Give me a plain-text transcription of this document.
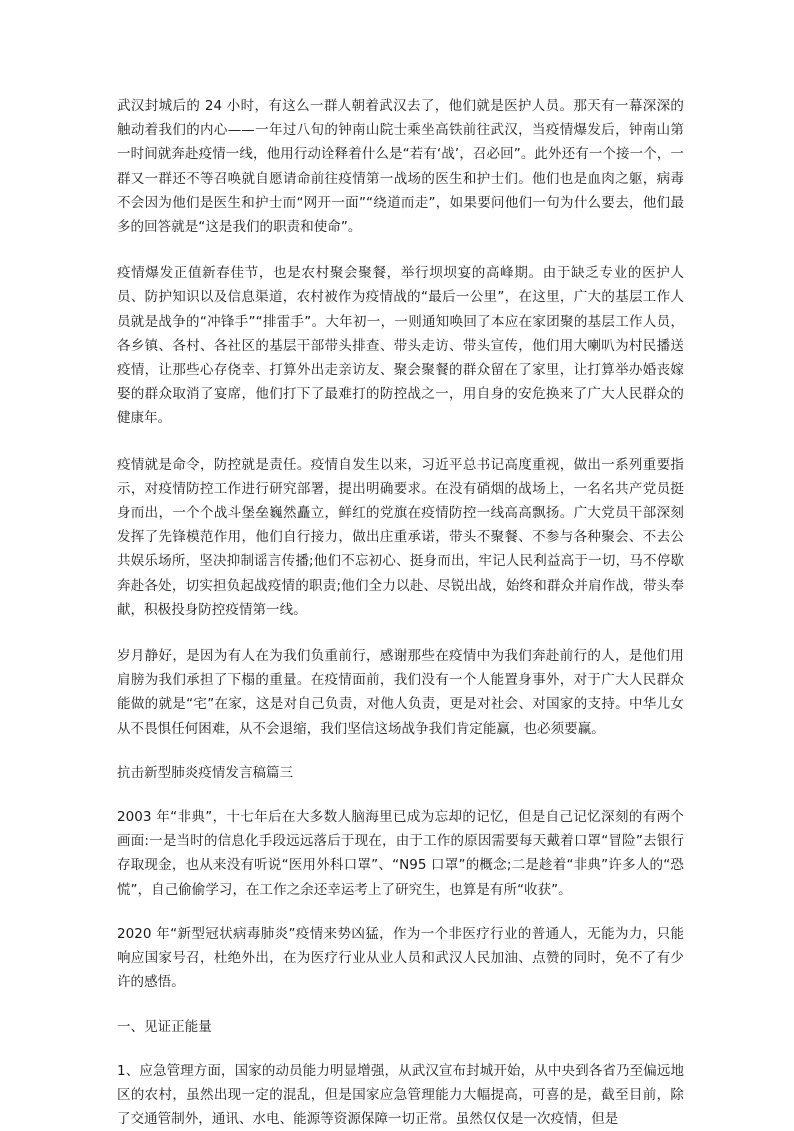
武汉封城后的 24 小时，有这么一群人朝着武汉去了，他们就是医护人员。那天有一幕深深的触动着我们的内心——一年过八旬的钟南山院士乘坐高铁前往武汉，当疫情爆发后，钟南山第一时间就奔赴疫情一线，他用行动诠释着什么是“若有‘战’，召必回”。此外还有一个接一个，一群又一群还不等召唤就自愿请命前往疫情第一战场的医生和护士们。他们也是血肉之躯，病毒不会因为他们是医生和护士而“网开一面”“绕道而走”，如果要问他们一句为什么要去，他们最多的回答就是“这是我们的职责和使命”。

疫情爆发正值新春佳节，也是农村聚会聚餐，举行坝坝宴的高峰期。由于缺乏专业的医护人员、防护知识以及信息渠道，农村被作为疫情战的“最后一公里”，在这里，广大的基层工作人员就是战争的“冲锋手”“排雷手”。大年初一，一则通知唤回了本应在家团聚的基层工作人员，各乡镇、各村、各社区的基层干部带头排查、带头走访、带头宣传，他们用大喇叭为村民播送疫情，让那些心存侥幸、打算外出走亲访友、聚会聚餐的群众留在了家里，让打算举办婚丧嫁娶的群众取消了宴席，他们打下了最难打的防控战之一，用自身的安危换来了广大人民群众的健康年。

疫情就是命令，防控就是责任。疫情自发生以来，习近平总书记高度重视，做出一系列重要指示，对疫情防控工作进行研究部署，提出明确要求。在没有硝烟的战场上，一名名共产党员挺身而出，一个个战斗堡垒巍然矗立，鲜红的党旗在疫情防控一线高高飘扬。广大党员干部深刻发挥了先锋模范作用，他们自行接力，做出庄重承诺，带头不聚餐、不参与各种聚会、不去公共娱乐场所，坚决抑制谣言传播;他们不忘初心、挺身而出，牢记人民利益高于一切，马不停歇奔赴各处，切实担负起战疫情的职责;他们全力以赴、尽锐出战，始终和群众并肩作战，带头奉献，积极投身防控疫情第一线。

岁月静好，是因为有人在为我们负重前行，感谢那些在疫情中为我们奔赴前行的人，是他们用肩膀为我们承担了下榻的重量。在疫情面前，我们没有一个人能置身事外，对于广大人民群众能做的就是“宅”在家，这是对自己负责，对他人负责，更是对社会、对国家的支持。中华儿女从不畏惧任何困难，从不会退缩，我们坚信这场战争我们肯定能赢，也必须要赢。

抗击新型肺炎疫情发言稿篇三

2003 年“非典”，十七年后在大多数人脑海里已成为忘却的记忆，但是自己记忆深刻的有两个画面:一是当时的信息化手段远远落后于现在，由于工作的原因需要每天戴着口罩“冒险”去银行存取现金，也从来没有听说“医用外科口罩”、“N95 口罩”的概念;二是趁着“非典”许多人的“恐慌”，自己偷偷学习，在工作之余还幸运考上了研究生，也算是有所“收获”。

2020 年“新型冠状病毒肺炎”疫情来势凶猛，作为一个非医疗行业的普通人，无能为力，只能响应国家号召，杜绝外出，在为医疗行业从业人员和武汉人民加油、点赞的同时，免不了有少许的感悟。

一、见证正能量

1、应急管理方面，国家的动员能力明显增强，从武汉宣布封城开始，从中央到各省乃至偏远地区的农村，虽然出现一定的混乱，但是国家应急管理能力大幅提高，可喜的是，截至目前，除了交通管制外，通讯、水电、能源等资源保障一切正常。虽然仅仅是一次疫情，但是
